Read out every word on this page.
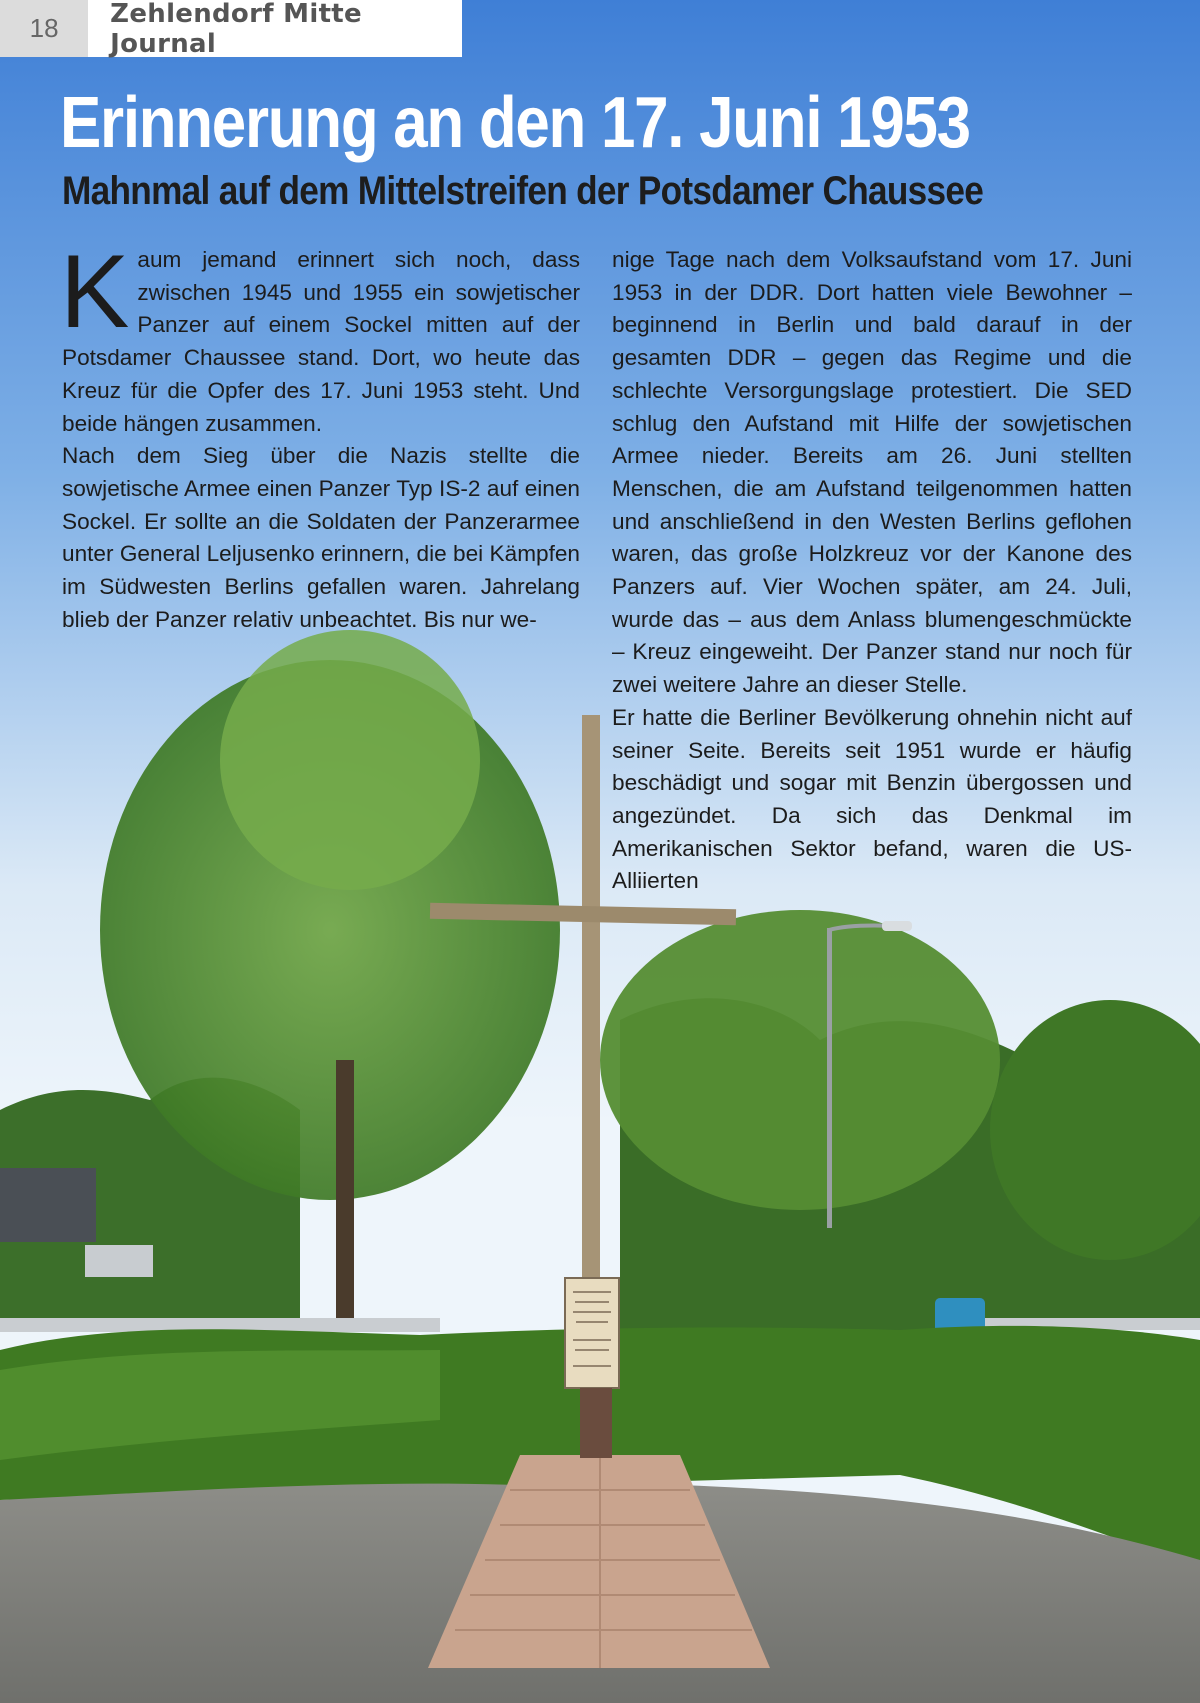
18	Zehlendorf Mitte Journal
Erinnerung an den 17. Juni 1953
Mahnmal auf dem Mittelstreifen der Potsdamer Chaussee
K aum jemand erinnert sich noch, dass zwischen 1945 und 1955 ein sowjetischer Panzer auf einem Sockel mitten auf der Potsdamer Chaussee stand. Dort, wo heute das Kreuz für die Opfer des 17. Juni 1953 steht. Und beide hängen zusammen.

Nach dem Sieg über die Nazis stellte die sowjetische Armee einen Panzer Typ IS-2 auf einen Sockel. Er sollte an die Soldaten der Panzerarmee unter General Leljusenko erinnern, die bei Kämpfen im Südwesten Berlins gefallen waren. Jahrelang blieb der Panzer relativ unbeachtet. Bis nur we-

nige Tage nach dem Volksaufstand vom 17. Juni 1953 in der DDR. Dort hatten viele Bewohner – beginnend in Berlin und bald darauf in der gesamten DDR – gegen das Regime und die schlechte Versorgungslage protestiert. Die SED schlug den Aufstand mit Hilfe der sowjetischen Armee nieder. Bereits am 26. Juni stellten Menschen, die am Aufstand teilgenommen hatten und anschließend in den Westen Berlins geflohen waren, das große Holzkreuz vor der Kanone des Panzers auf. Vier Wochen später, am 24. Juli, wurde das – aus dem Anlass blumengeschmückte – Kreuz eingeweiht. Der Panzer stand nur noch für zwei weitere Jahre an dieser Stelle.

Er hatte die Berliner Bevölkerung ohnehin nicht auf seiner Seite. Bereits seit 1951 wurde er häufig beschädigt und sogar mit Benzin übergossen und angezündet. Da sich das Denkmal im Amerikanischen Sektor befand, waren die US-Alliierten
